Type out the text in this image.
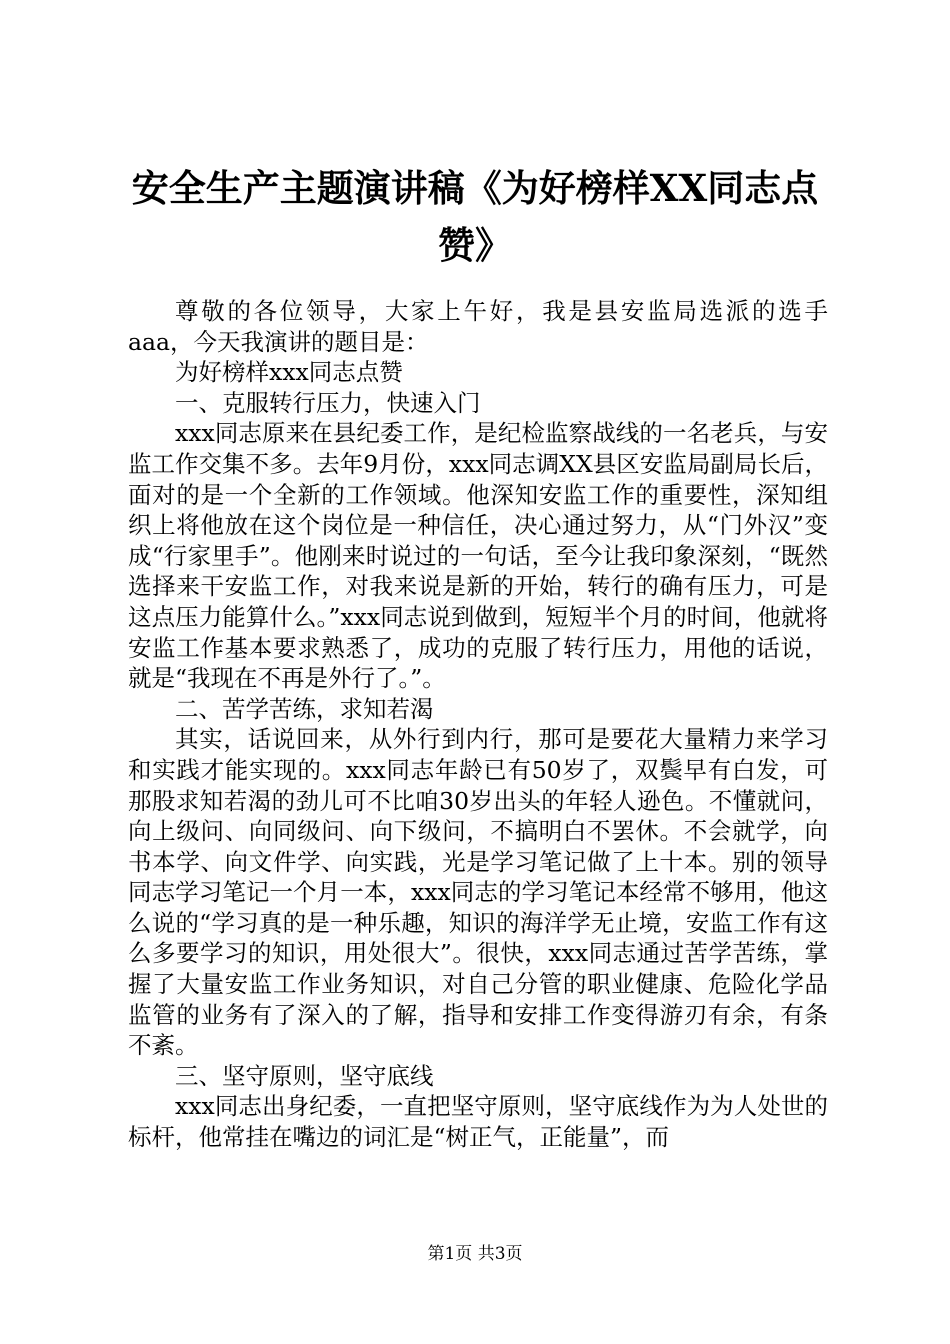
安全生产主题演讲稿《为好榜样XX同志点
赞》

尊敬的各位领导，大家上午好，我是县安监局选派的选手aaa，今天我演讲的题目是：

为好榜样xxx同志点赞

一、克服转行压力，快速入门

xxx同志原来在县纪委工作，是纪检监察战线的一名老兵，与安监工作交集不多。去年9月份，xxx同志调XX县区安监局副局长后，面对的是一个全新的工作领域。他深知安监工作的重要性，深知组织上将他放在这个岗位是一种信任，决心通过努力，从“门外汉”变成“行家里手”。他刚来时说过的一句话，至今让我印象深刻，“既然选择来干安监工作，对我来说是新的开始，转行的确有压力，可是这点压力能算什么。”xxx同志说到做到，短短半个月的时间，他就将安监工作基本要求熟悉了，成功的克服了转行压力，用他的话说，就是“我现在不再是外行了。”。

二、苦学苦练，求知若渴

其实，话说回来，从外行到内行，那可是要花大量精力来学习和实践才能实现的。xxx同志年龄已有50岁了，双鬓早有白发，可那股求知若渴的劲儿可不比咱30岁出头的年轻人逊色。不懂就问，向上级问、向同级问、向下级问，不搞明白不罢休。不会就学，向书本学、向文件学、向实践，光是学习笔记做了上十本。别的领导同志学习笔记一个月一本，xxx同志的学习笔记本经常不够用，他这么说的“学习真的是一种乐趣，知识的海洋学无止境，安监工作有这么多要学习的知识，用处很大”。很快，xxx同志通过苦学苦练，掌握了大量安监工作业务知识，对自己分管的职业健康、危险化学品监管的业务有了深入的了解，指导和安排工作变得游刃有余，有条不紊。

三、坚守原则，坚守底线

xxx同志出身纪委，一直把坚守原则，坚守底线作为为人处世的标杆，他常挂在嘴边的词汇是“树正气，正能量”，而

第1页 共3页
